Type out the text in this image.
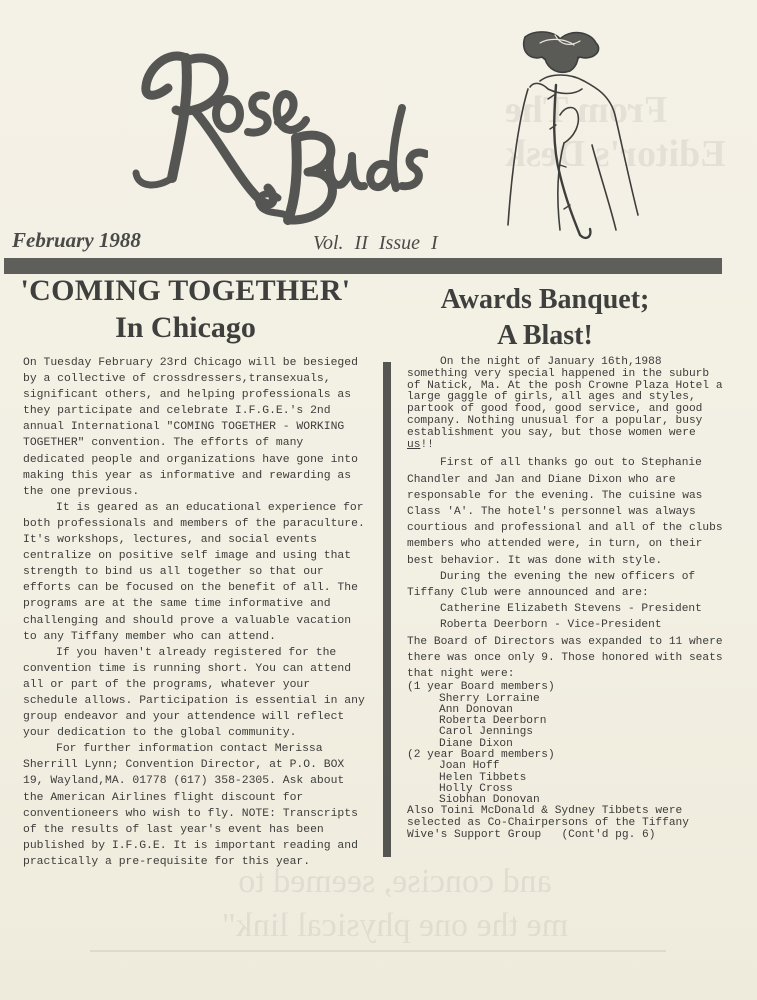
From The
Editor's Desk
and concise, seemed to
me the one physical link"
February 1988	Vol. II Issue I
'COMING TOGETHER'
In Chicago

On Tuesday February 23rd Chicago will be besieged by a collective of crossdressers,transexuals, significant others, and helping professionals as they participate and celebrate I.F.G.E.'s 2nd annual International "COMING TOGETHER - WORKING TOGETHER" convention. The efforts of many dedicated people and organizations have gone into making this year as informative and rewarding as the one previous.

It is geared as an educational experience for both professionals and members of the paraculture. It's workshops, lectures, and social events centralize on positive self image and using that strength to bind us all together so that our efforts can be focused on the benefit of all. The programs are at the same time informative and challenging and should prove a valuable vacation to any Tiffany member who can attend.

If you haven't already registered for the convention time is running short. You can attend all or part of the programs, whatever your schedule allows. Participation is essential in any group endeavor and your attendence will reflect your dedication to the global community.

For further information contact Merissa Sherrill Lynn; Convention Director, at P.O. BOX 19, Wayland,MA. 01778 (617) 358-2305. Ask about the American Airlines flight discount for conventioneers who wish to fly. NOTE: Transcripts of the results of last year's event has been published by I.F.G.E. It is important reading and practically a pre-requisite for this year.

Awards Banquet;
A Blast!

On the night of January 16th,1988 something very special happened in the suburb of Natick, Ma. At the posh Crowne Plaza Hotel a large gaggle of girls, all ages and styles, partook of good food, good service, and good company. Nothing unusual for a popular, busy establishment you say, but those women were us!!

First of all thanks go out to Stephanie Chandler and Jan and Diane Dixon who are responsable for the evening. The cuisine was Class 'A'. The hotel's personnel was always courtious and professional and all of the clubs members who attended were, in turn, on their best behavior. It was done with style.

During the evening the new officers of Tiffany Club were announced and are:

Catherine Elizabeth Stevens - President

Roberta Deerborn - Vice-President

The Board of Directors was expanded to 11 where there was once only 9. Those honored with seats that night were:

(1 year Board members)

Sherry Lorraine

Ann Donovan

Roberta Deerborn

Carol Jennings

Diane Dixon

(2 year Board members)

Joan Hoff

Helen Tibbets

Holly Cross

Siobhan Donovan

Also Toini McDonald & Sydney Tibbets were selected as Co-Chairpersons of the Tiffany Wive's Support Group (Cont'd pg. 6)
